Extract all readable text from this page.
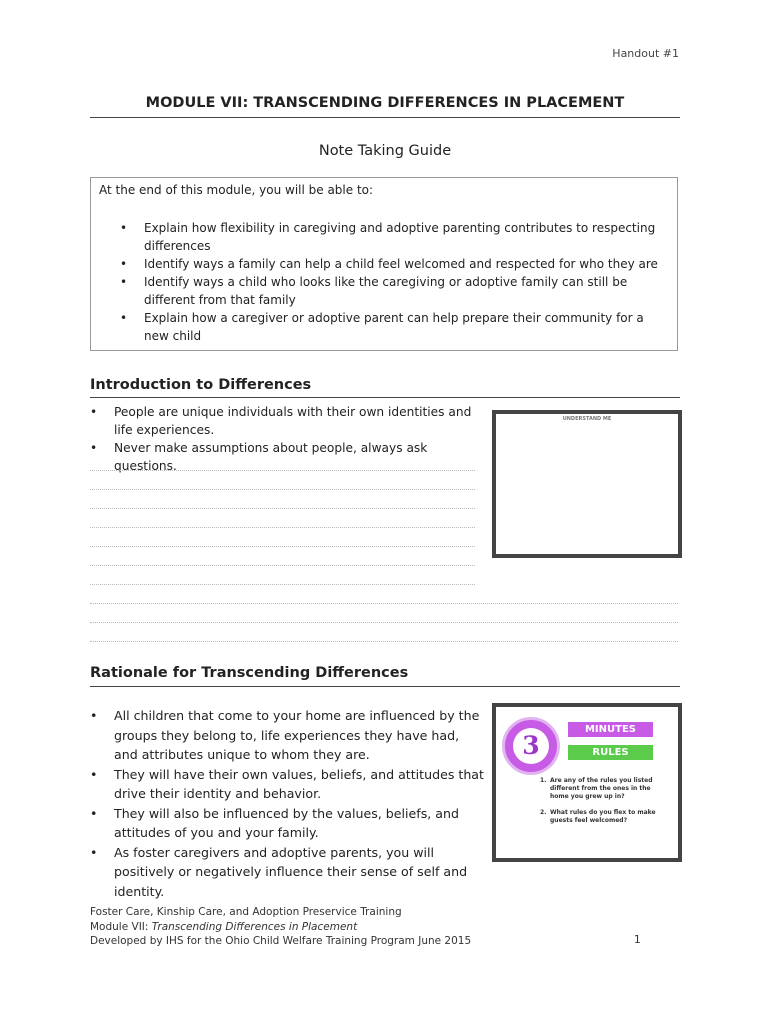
Handout #1
MODULE VII: TRANSCENDING DIFFERENCES IN PLACEMENT
Note Taking Guide
At the end of this module, you will be able to:
• Explain how flexibility in caregiving and adoptive parenting contributes to respecting differences
• Identify ways a family can help a child feel welcomed and respected for who they are
• Identify ways a child who looks like the caregiving or adoptive family can still be different from that family
• Explain how a caregiver or adoptive parent can help prepare their community for a new child
Introduction to Differences
• People are unique individuals with their own identities and life experiences.
• Never make assumptions about people, always ask questions.
UNDERSTAND ME
Rationale for Transcending Differences
• All children that come to your home are influenced by the groups they belong to, life experiences they have had, and attributes unique to whom they are.
• They will have their own values, beliefs, and attitudes that drive their identity and behavior.
• They will also be influenced by the values, beliefs, and attitudes of you and your family.
• As foster caregivers and adoptive parents, you will positively or negatively influence their sense of self and identity.
3
MINUTES
RULES
1. Are any of the rules you listed different from the ones in the home you grew up in?
2. What rules do you flex to make guests feel welcomed?
Foster Care, Kinship Care, and Adoption Preservice Training
Module VII: Transcending Differences in Placement
Developed by IHS for the Ohio Child Welfare Training Program June 2015	1
